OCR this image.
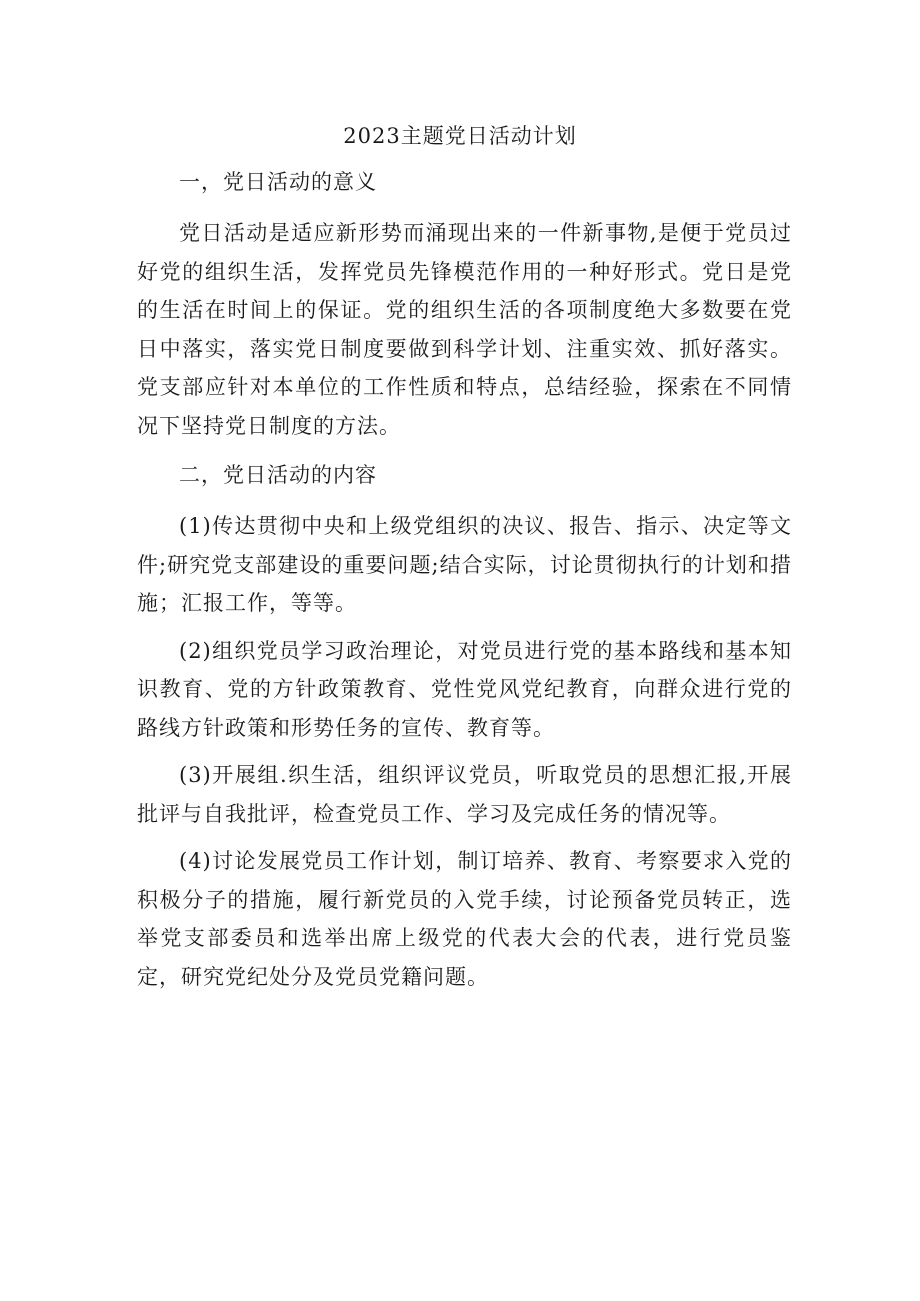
2023主题党日活动计划
一，党日活动的意义
党日活动是适应新形势而涌现出来的一件新事物,是便于党员过好党的组织生活，发挥党员先锋模范作用的一种好形式。党日是党的生活在时间上的保证。党的组织生活的各项制度绝大多数要在党日中落实，落实党日制度要做到科学计划、注重实效、抓好落实。党支部应针对本单位的工作性质和特点，总结经验，探索在不同情况下坚持党日制度的方法。
二，党日活动的内容
(1)传达贯彻中央和上级党组织的决议、报告、指示、决定等文件;研究党支部建设的重要问题;结合实际，讨论贯彻执行的计划和措施；汇报工作，等等。
(2)组织党员学习政治理论，对党员进行党的基本路线和基本知识教育、党的方针政策教育、党性党风党纪教育，向群众进行党的路线方针政策和形势任务的宣传、教育等。
(3)开展组.织生活，组织评议党员，听取党员的思想汇报,开展批评与自我批评，检查党员工作、学习及完成任务的情况等。
(4)讨论发展党员工作计划，制订培养、教育、考察要求入党的积极分子的措施，履行新党员的入党手续，讨论预备党员转正，选举党支部委员和选举出席上级党的代表大会的代表，进行党员鉴定，研究党纪处分及党员党籍问题。
